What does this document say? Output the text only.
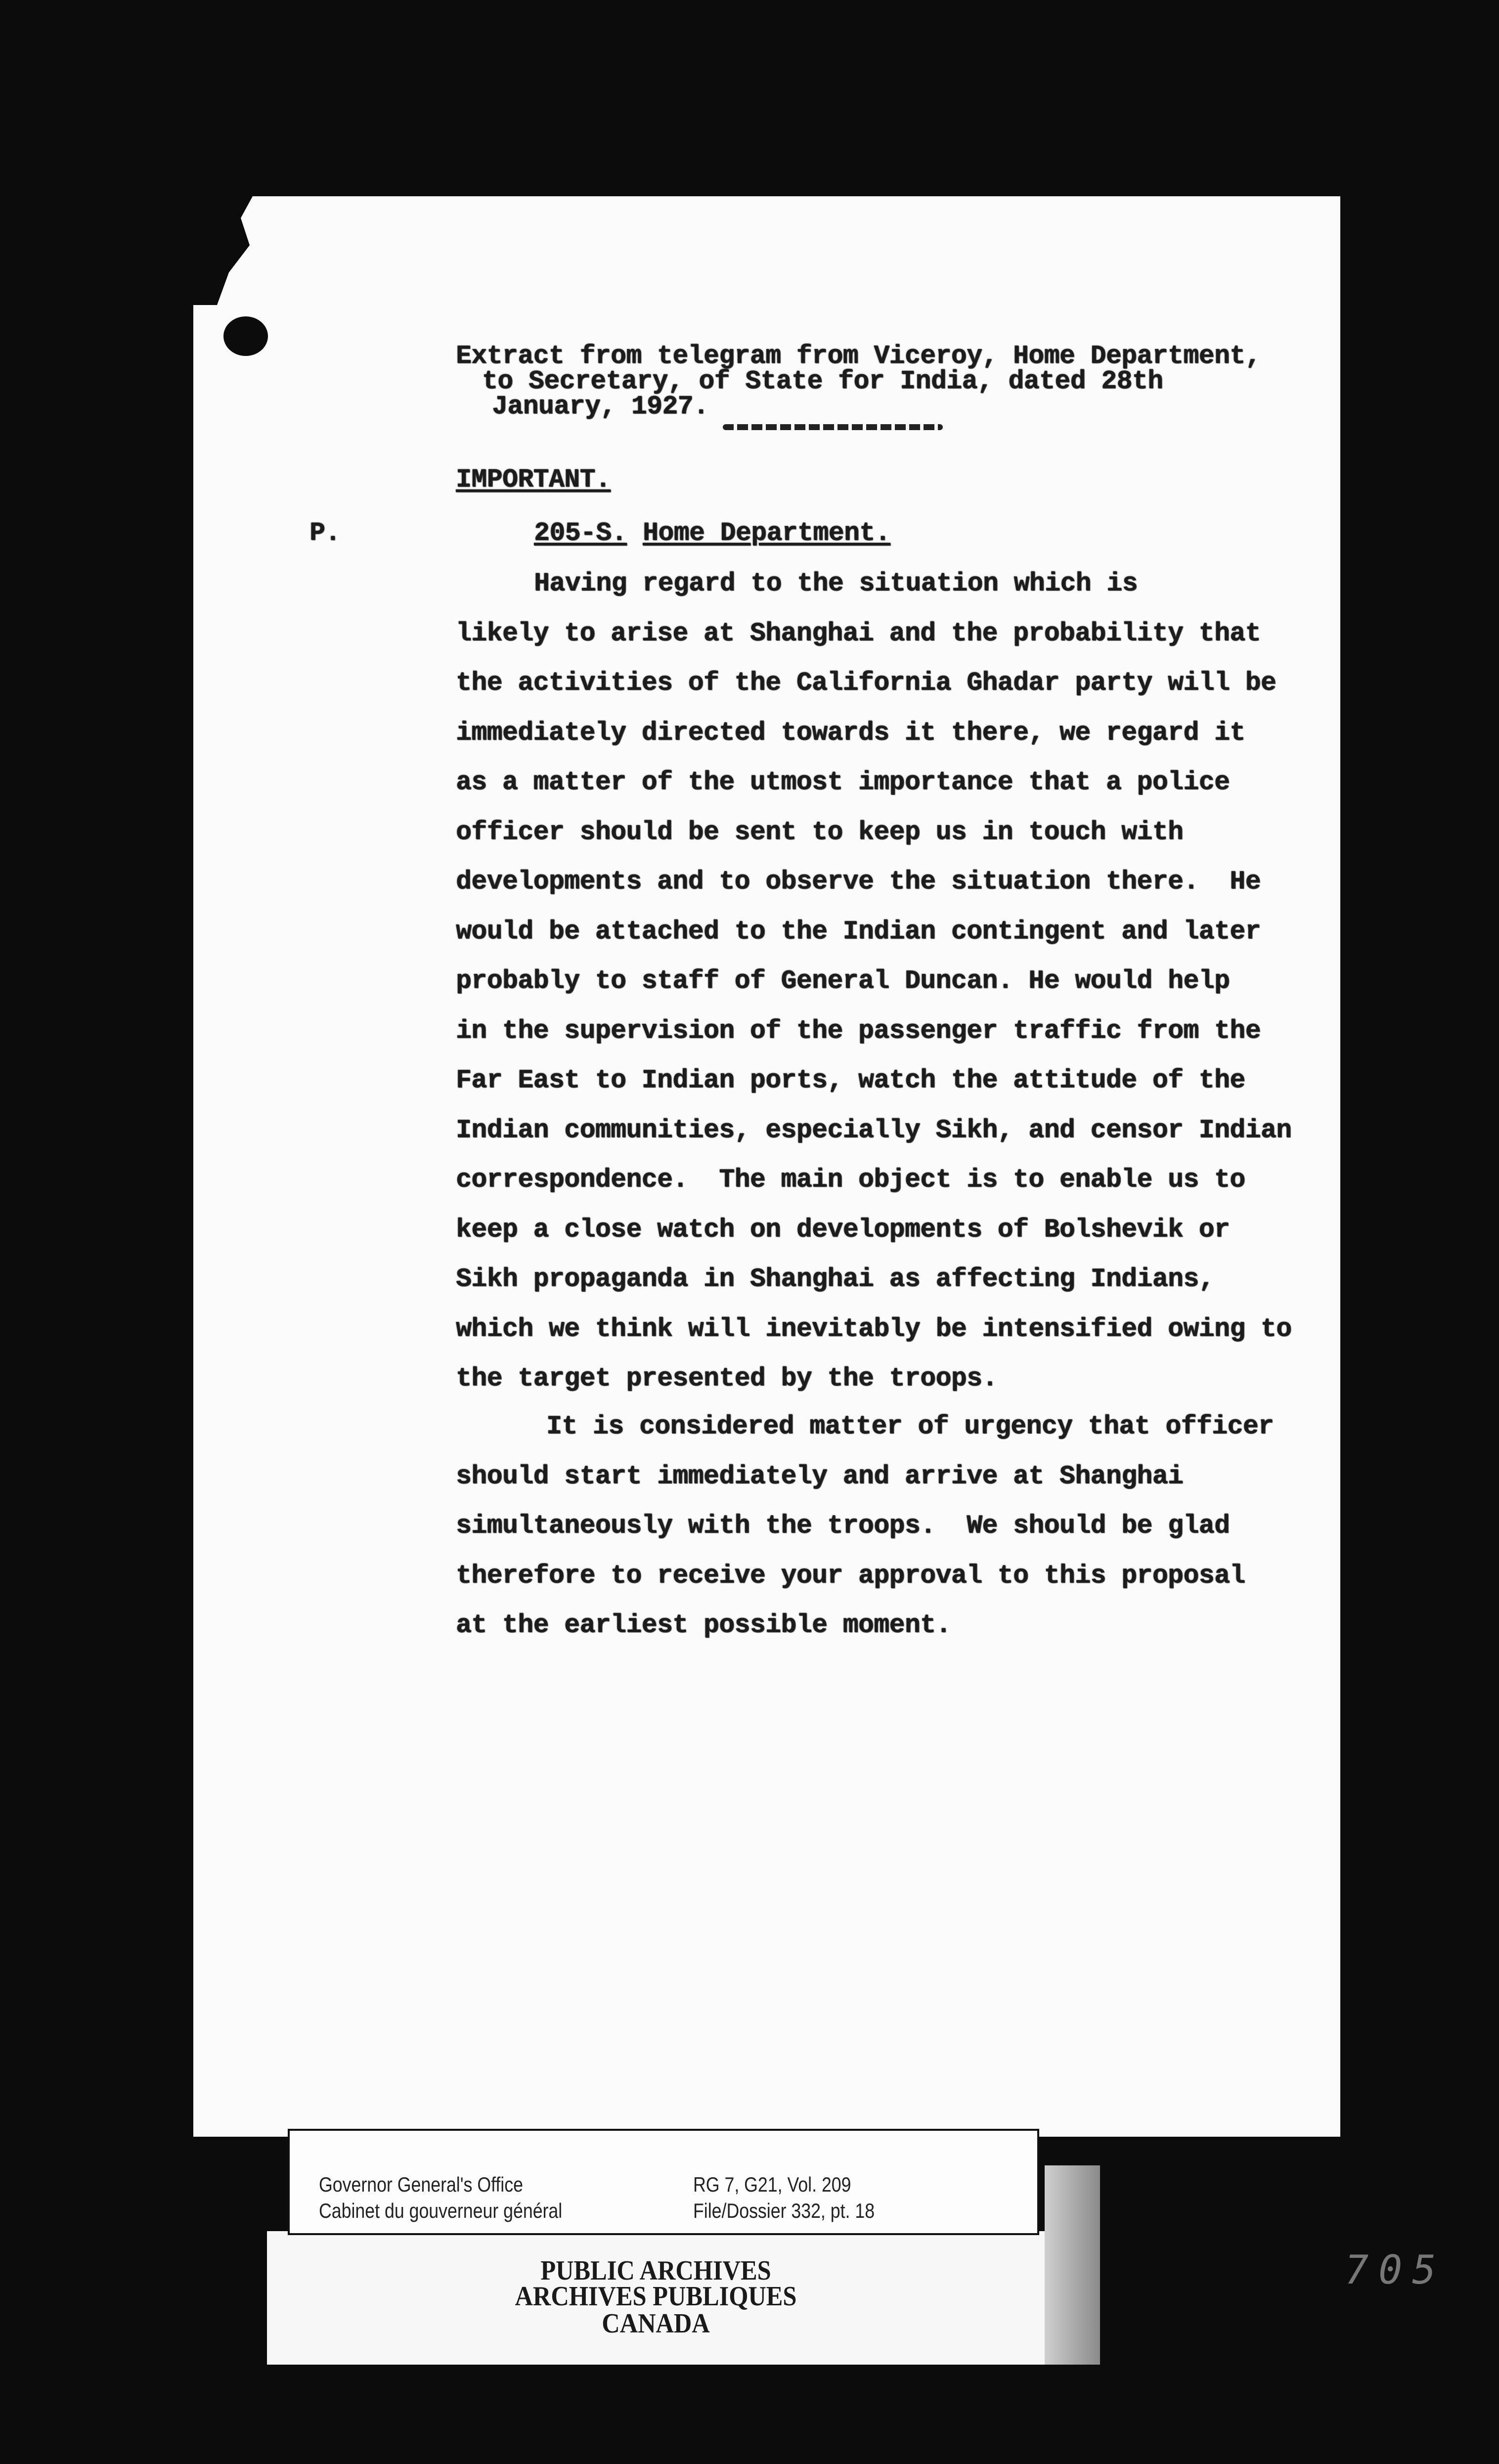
Extract from telegram from Viceroy, Home Department,
to Secretary, of State for India, dated 28th
January, 1927.
IMPORTANT.
P.	205-S. Home Department.
Having regard to the situation which is
likely to arise at Shanghai and the probability that
the activities of the California Ghadar party will be
immediately directed towards it there, we regard it
as a matter of the utmost importance that a police
officer should be sent to keep us in touch with
developments and to observe the situation there.  He
would be attached to the Indian contingent and later
probably to staff of General Duncan. He would help
in the supervision of the passenger traffic from the
Far East to Indian ports, watch the attitude of the
Indian communities, especially Sikh, and censor Indian
correspondence.  The main object is to enable us to
keep a close watch on developments of Bolshevik or
Sikh propaganda in Shanghai as affecting Indians,
which we think will inevitably be intensified owing to
the target presented by the troops.
It is considered matter of urgency that officer
should start immediately and arrive at Shanghai
simultaneously with the troops.  We should be glad
therefore to receive your approval to this proposal
at the earliest possible moment.
Governor General's Office
Cabinet du gouverneur général
RG 7, G21, Vol. 209
File/Dossier 332, pt. 18
PUBLIC ARCHIVES
ARCHIVES PUBLIQUES
CANADA
705
